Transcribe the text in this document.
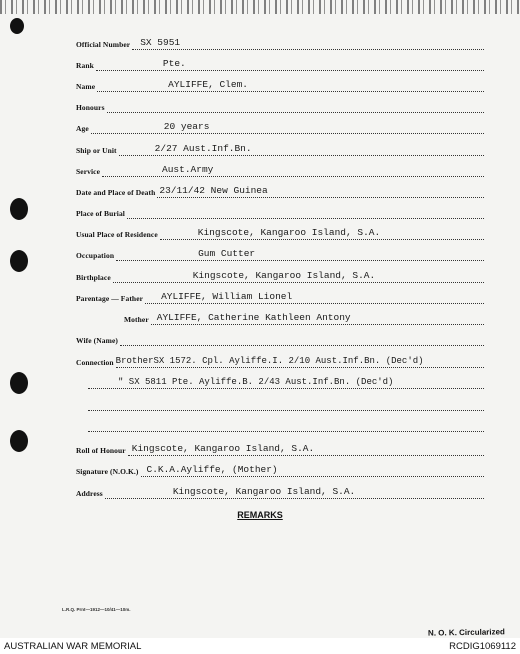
Official Number SX 5951
Rank	Pte.
Name	AYLIFFE, Clem.
Honours
Age	20 years
Ship or Unit	2/27 Aust.Inf.Bn.
Service	Aust.Army
Date and Place of Death 23/11/42 New Guinea
Place of Burial
Usual Place of Residence	Kingscote, Kangaroo Island, S.A.
Occupation	Gum Cutter
Birthplace	Kingscote, Kangaroo Island, S.A.
Parentage — Father AYLIFFE, William Lionel
Mother AYLIFFE, Catherine Kathleen Antony
Wife (Name)
Connection BrotherSX 1572. Cpl. Ayliffe.I. 2/10 Aust.Inf.Bn. (Dec'd)
" SX 5811 Pte. Ayliffe.B. 2/43 Aust.Inf.Bn. (Dec'd)
Roll of Honour Kingscote, Kangaroo Island, S.A.
Signature (N.O.K.) C.K.A.Ayliffe, (Mother)
Address	Kingscote, Kangaroo Island, S.A.
REMARKS
L.R.Q. Prnt—1912—10/41—10m.
N. O. K. Circularized
AUSTRALIAN WAR MEMORIAL	RCDIG1069112
